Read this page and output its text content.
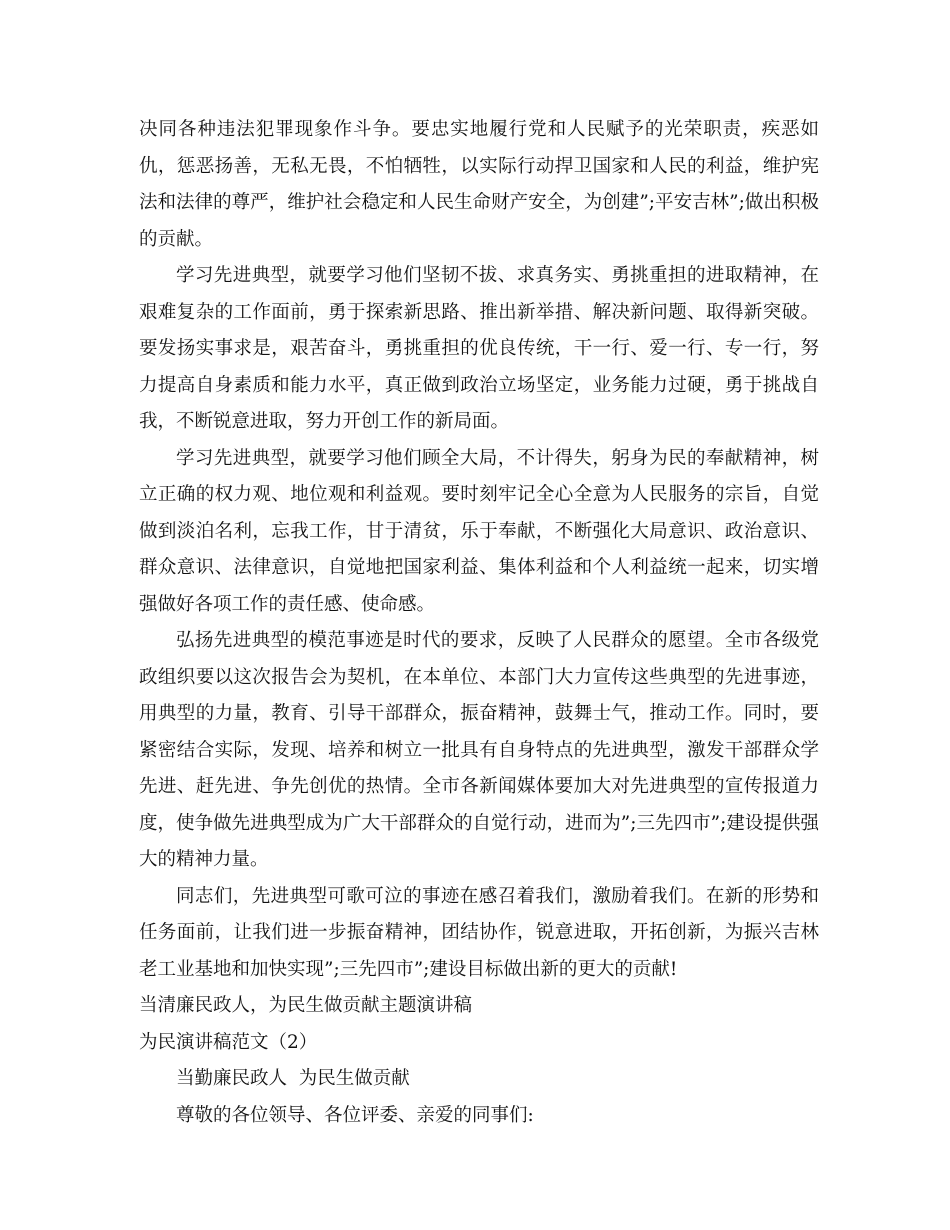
决同各种违法犯罪现象作斗争。要忠实地履行党和人民赋予的光荣职责，疾恶如仇，惩恶扬善，无私无畏，不怕牺牲，以实际行动捍卫国家和人民的利益，维护宪法和法律的尊严，维护社会稳定和人民生命财产安全，为创建”;平安吉林”;做出积极的贡献。

学习先进典型，就要学习他们坚韧不拔、求真务实、勇挑重担的进取精神，在艰难复杂的工作面前，勇于探索新思路、推出新举措、解决新问题、取得新突破。要发扬实事求是，艰苦奋斗，勇挑重担的优良传统，干一行、爱一行、专一行，努力提高自身素质和能力水平，真正做到政治立场坚定，业务能力过硬，勇于挑战自我，不断锐意进取，努力开创工作的新局面。

学习先进典型，就要学习他们顾全大局，不计得失，躬身为民的奉献精神，树立正确的权力观、地位观和利益观。要时刻牢记全心全意为人民服务的宗旨，自觉做到淡泊名利，忘我工作，甘于清贫，乐于奉献，不断强化大局意识、政治意识、群众意识、法律意识，自觉地把国家利益、集体利益和个人利益统一起来，切实增强做好各项工作的责任感、使命感。

弘扬先进典型的模范事迹是时代的要求，反映了人民群众的愿望。全市各级党政组织要以这次报告会为契机，在本单位、本部门大力宣传这些典型的先进事迹，用典型的力量，教育、引导干部群众，振奋精神，鼓舞士气，推动工作。同时，要紧密结合实际，发现、培养和树立一批具有自身特点的先进典型，激发干部群众学先进、赶先进、争先创优的热情。全市各新闻媒体要加大对先进典型的宣传报道力度，使争做先进典型成为广大干部群众的自觉行动，进而为”;三先四市”;建设提供强大的精神力量。

同志们，先进典型可歌可泣的事迹在感召着我们，激励着我们。在新的形势和任务面前，让我们进一步振奋精神，团结协作，锐意进取，开拓创新，为振兴吉林老工业基地和加快实现”;三先四市”;建设目标做出新的更大的贡献!

当清廉民政人，为民生做贡献主题演讲稿

为民演讲稿范文（2）

当勤廉民政人  为民生做贡献

尊敬的各位领导、各位评委、亲爱的同事们:
